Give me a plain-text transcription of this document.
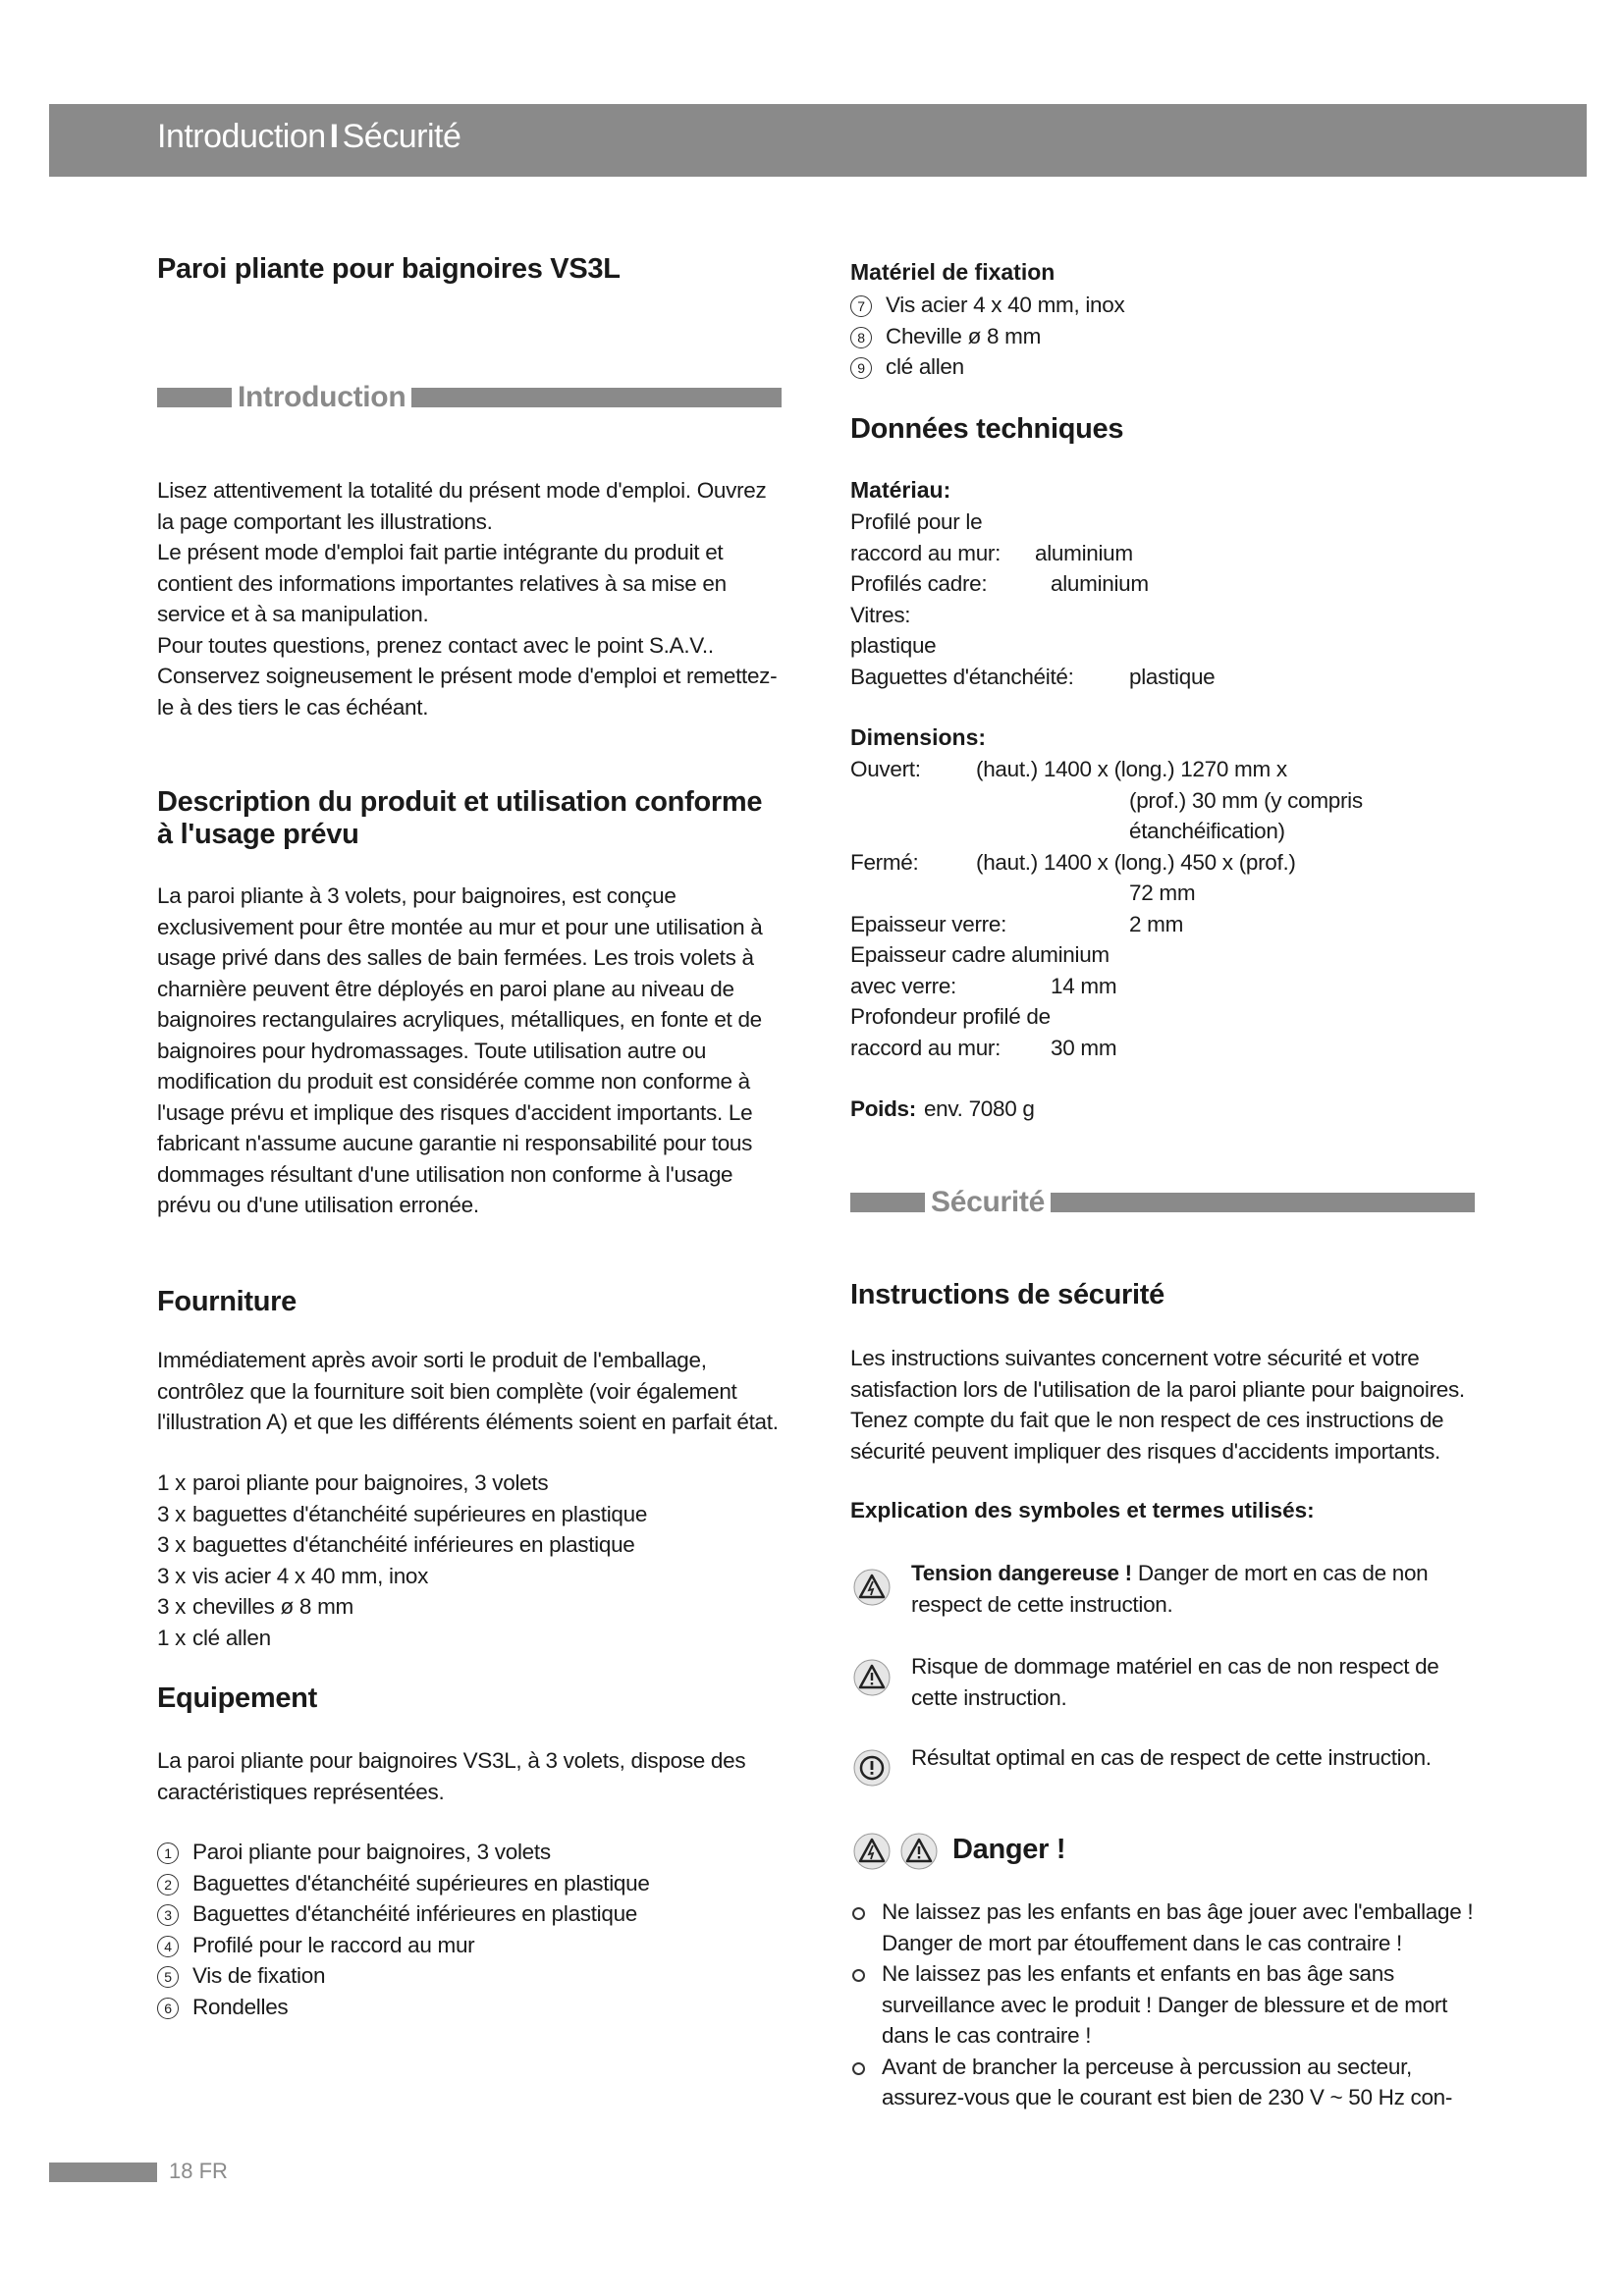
Introduction I Sécurité
Paroi pliante pour baignoires VS3L
Introduction

Lisez attentivement la totalité du présent mode d'emploi. Ouvrez la page comportant les illustrations.

Le présent mode d'emploi fait partie intégrante du produit et contient des informations importantes relatives à sa mise en service et à sa manipulation.

Pour toutes questions, prenez contact avec le point S.A.V.. Conservez soigneusement le présent mode d'emploi et remettez-le à des tiers le cas échéant.

Description du produit et utilisation conforme à l'usage prévu

La paroi pliante à 3 volets, pour baignoires, est conçue exclusivement pour être montée au mur et pour une utilisation à usage privé dans des salles de bain fermées. Les trois volets à charnière peuvent être déployés en paroi plane au niveau de baignoires rectangulaires acryliques, métalliques, en fonte et de baignoires pour hydromassages. Toute utilisation autre ou modification du produit est considérée comme non conforme à l'usage prévu et implique des risques d'accident importants. Le fabricant n'assume aucune garantie ni responsabilité pour tous dommages résultant d'une utilisation non conforme à l'usage prévu ou d'une utilisation erronée.

Fourniture

Immédiatement après avoir sorti le produit de l'emballage, contrôlez que la fourniture soit bien complète (voir également l'illustration A) et que les différents éléments soient en parfait état.

1 x paroi pliante pour baignoires, 3 volets
3 x baguettes d'étanchéité supérieures en plastique
3 x baguettes d'étanchéité inférieures en plastique
3 x vis acier 4 x 40 mm, inox
3 x chevilles ø 8 mm
1 x clé allen
Equipement

La paroi pliante pour baignoires VS3L, à 3 volets, dispose des caractéristiques représentées.

1 Paroi pliante pour baignoires, 3 volets
2 Baguettes d'étanchéité supérieures en plastique
3 Baguettes d'étanchéité inférieures en plastique
4 Profilé pour le raccord au mur
5 Vis de fixation
6 Rondelles
Matériel de fixation
7 Vis acier 4 x 40 mm, inox
8 Cheville ø 8 mm
9 clé allen
Données techniques
Matériau:
Profilé pour le
raccord au mur:	aluminium
Profilés cadre:	aluminium
Vitres:
plastique
Baguettes d'étanchéité:	plastique
Dimensions:
Ouvert:	(haut.) 1400 x (long.) 1270 mm x
(prof.) 30 mm (y compris étanchéification)
Fermé:	(haut.) 1400 x (long.) 450 x (prof.)
72 mm
Epaisseur verre:	2 mm
Epaisseur cadre aluminium
avec verre:	14 mm
Profondeur profilé de
raccord au mur:	30 mm
Poids: env. 7080 g
Sécurité
Instructions de sécurité

Les instructions suivantes concernent votre sécurité et votre satisfaction lors de l'utilisation de la paroi pliante pour baignoires. Tenez compte du fait que le non respect de ces instructions de sécurité peuvent impliquer des risques d'accidents importants.

Explication des symboles et termes utilisés:

Tension dangereuse ! Danger de mort en cas de non respect de cette instruction.

Risque de dommage matériel en cas de non respect de cette instruction.

Résultat optimal en cas de respect de cette instruction.

Danger !
Ne laissez pas les enfants en bas âge jouer avec l'emballage ! Danger de mort par étouffement dans le cas contraire !
Ne laissez pas les enfants et enfants en bas âge sans surveillance avec le produit ! Danger de blessure et de mort dans le cas contraire !
Avant de brancher la perceuse à percussion au secteur, assurez-vous que le courant est bien de 230 V ~ 50 Hz con-
18 FR
